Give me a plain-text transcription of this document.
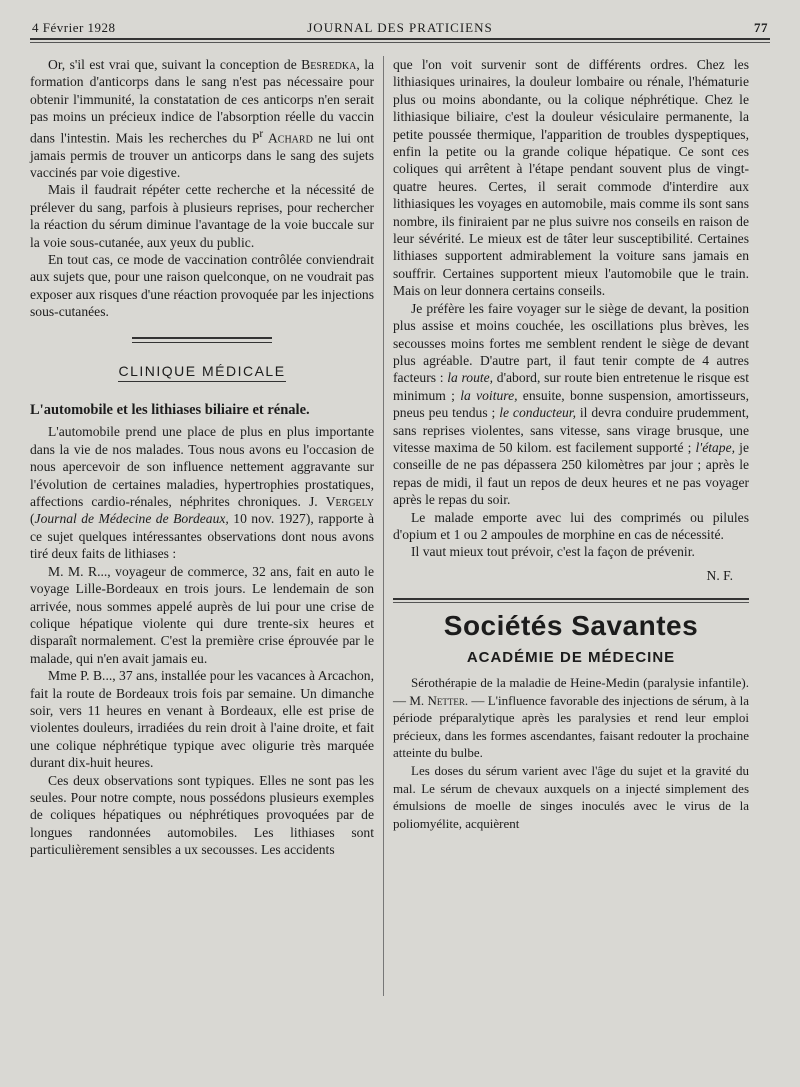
4 Février 1928	JOURNAL DES PRATICIENS	77

Or, s'il est vrai que, suivant la conception de Besredka, la formation d'anticorps dans le sang n'est pas nécessaire pour obtenir l'immunité, la constatation de ces anticorps n'en serait pas moins un précieux indice de l'absorption réelle du vaccin dans l'intestin. Mais les recherches du $P^r$ Achard ne lui ont jamais permis de trouver un anticorps dans le sang des sujets vaccinés par voie digestive.

Mais il faudrait répéter cette recherche et la nécessité de prélever du sang, parfois à plusieurs reprises, pour rechercher la réaction du sérum diminue l'avantage de la voie buccale sur la voie sous-cutanée, aux yeux du public.

En tout cas, ce mode de vaccination contrôlée conviendrait aux sujets que, pour une raison quelconque, on ne voudrait pas exposer aux risques d'une réaction provoquée par les injections sous-cutanées.

CLINIQUE MÉDICALE

L'automobile et les lithiases biliaire et rénale.

L'automobile prend une place de plus en plus importante dans la vie de nos malades. Tous nous avons eu l'occasion de nous apercevoir de son influence nettement aggravante sur l'évolution de certaines maladies, hypertrophies prostatiques, affections cardio-rénales, néphrites chroniques. J. Vergely (Journal de Médecine de Bordeaux, 10 nov. 1927), rapporte à ce sujet quelques intéressantes observations dont nous avons tiré deux faits de lithiases :

M. M. R..., voyageur de commerce, 32 ans, fait en auto le voyage Lille-Bordeaux en trois jours. Le lendemain de son arrivée, nous sommes appelé auprès de lui pour une crise de colique hépatique violente qui dure trente-six heures et disparaît normalement. C'est la première crise éprouvée par le malade, qui n'en avait jamais eu.

Mme P. B..., 37 ans, installée pour les vacances à Arcachon, fait la route de Bordeaux trois fois par semaine. Un dimanche soir, vers 11 heures en venant à Bordeaux, elle est prise de violentes douleurs, irradiées du rein droit à l'aine droite, et fait une colique néphrétique typique avec oligurie très marquée durant dix-huit heures.

Ces deux observations sont typiques. Elles ne sont pas les seules. Pour notre compte, nous possédons plusieurs exemples de coliques hépatiques ou néphrétiques provoquées par de longues randonnées automobiles. Les lithiases sont particulièrement sensibles a ux secousses. Les accidents

que l'on voit survenir sont de différents ordres. Chez les lithiasiques urinaires, la douleur lombaire ou rénale, l'hématurie plus ou moins abondante, ou la colique néphrétique. Chez le lithiasique biliaire, c'est la douleur vésiculaire permanente, la petite poussée thermique, l'apparition de troubles dyspeptiques, enfin la petite ou la grande colique hépatique. Ce sont ces coliques qui arrêtent à l'étape pendant souvent plus de vingt-quatre heures. Certes, il serait commode d'interdire aux lithiasiques les voyages en automobile, mais comme ils sont sans nombre, ils finiraient par ne plus suivre nos conseils en raison de leur sévérité. Le mieux est de tâter leur susceptibilité. Certaines lithiases supportent admirablement la voiture sans jamais en souffrir. Certaines supportent mieux l'automobile que le train. Mais on leur donnera certains conseils.

Je préfère les faire voyager sur le siège de devant, la position plus assise et moins couchée, les oscillations plus brèves, les secousses moins fortes me semblent rendent le siège de devant plus agréable. D'autre part, il faut tenir compte de 4 autres facteurs : la route, d'abord, sur route bien entretenue le risque est minimum ; la voiture, ensuite, bonne suspension, amortisseurs, pneus peu tendus ; le conducteur, il devra conduire prudemment, sans reprises violentes, sans vitesse, sans virage brusque, une vitesse maxima de 50 kilom. est facilement supporté ; l'étape, je conseille de ne pas dépassera 250 kilomètres par jour ; après le repas de midi, il faut un repos de deux heures et ne pas voyager après le repas du soir.

Le malade emporte avec lui des comprimés ou pilules d'opium et 1 ou 2 ampoules de morphine en cas de nécessité.

Il vaut mieux tout prévoir, c'est la façon de prévenir.

N. F.
Sociétés Savantes
ACADÉMIE DE MÉDECINE

Sérothérapie de la maladie de Heine-Medin (paralysie infantile). — M. Netter. — L'influence favorable des injections de sérum, à la période préparalytique après les paralysies et rend leur emploi précieux, dans les formes ascendantes, faisant redouter la prochaine atteinte du bulbe.

Les doses du sérum varient avec l'âge du sujet et la gravité du mal. Le sérum de chevaux auxquels on a injecté simplement des émulsions de moelle de singes inoculés avec le virus de la poliomyélite, acquièrent
